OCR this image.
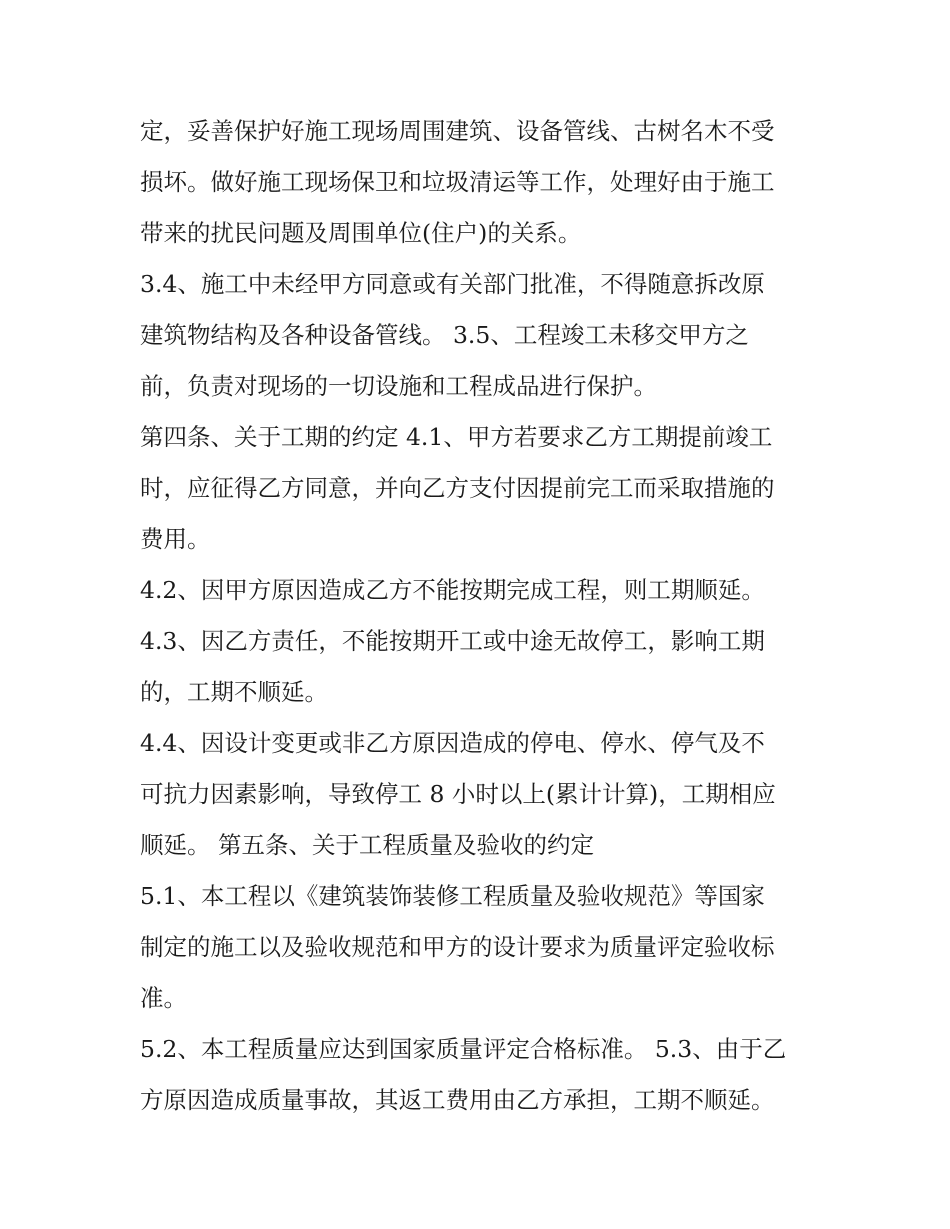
定，妥善保护好施工现场周围建筑、设备管线、古树名木不受
损坏。做好施工现场保卫和垃圾清运等工作，处理好由于施工
带来的扰民问题及周围单位(住户)的关系。
3.4、施工中未经甲方同意或有关部门批准，不得随意拆改原
建筑物结构及各种设备管线。 3.5、工程竣工未移交甲方之
前，负责对现场的一切设施和工程成品进行保护。
第四条、关于工期的约定 4.1、甲方若要求乙方工期提前竣工
时，应征得乙方同意，并向乙方支付因提前完工而采取措施的
费用。
4.2、因甲方原因造成乙方不能按期完成工程，则工期顺延。
4.3、因乙方责任，不能按期开工或中途无故停工，影响工期
的，工期不顺延。
4.4、因设计变更或非乙方原因造成的停电、停水、停气及不
可抗力因素影响，导致停工 8 小时以上(累计计算)，工期相应
顺延。 第五条、关于工程质量及验收的约定
5.1、本工程以《建筑装饰装修工程质量及验收规范》等国家
制定的施工以及验收规范和甲方的设计要求为质量评定验收标
准。
5.2、本工程质量应达到国家质量评定合格标准。 5.3、由于乙
方原因造成质量事故，其返工费用由乙方承担，工期不顺延。
